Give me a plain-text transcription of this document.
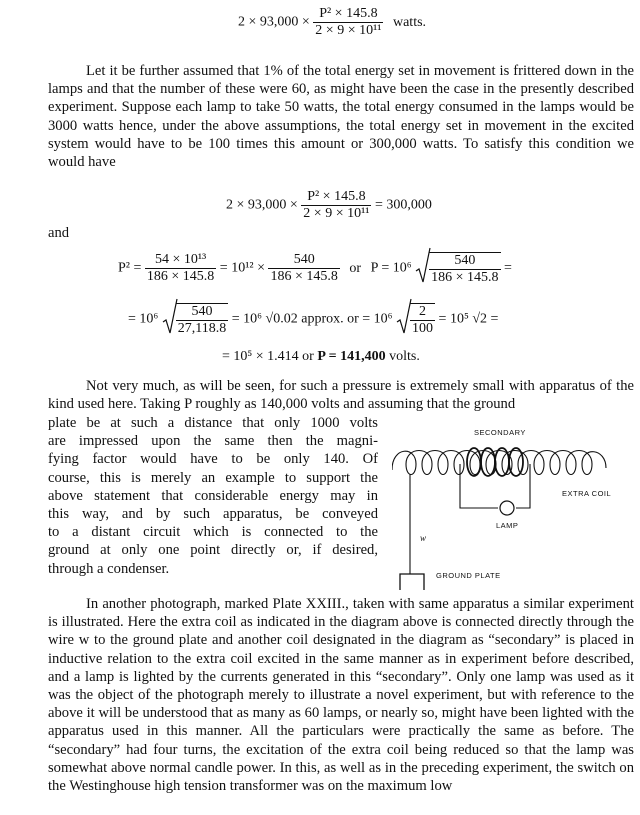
$2 \times 93,000 \times \frac{\text{P² × 145.8}}{\text{2 × 9 × 10¹¹}}$ watts.
Let it be further assumed that 1% of the total energy set in movement is frittered down in the lamps and that the number of these were 60, as might have been the case in the presently described experiment. Suppose each lamp to take 50 watts, the total energy consumed in the lamps would be 3000 watts hence, under the above assumptions, the total energy set in movement in the excited system would have to be 100 times this amount or 300,000 watts. To satisfy this condition we would have
$2 \times 93,000 \times \frac{\text{P² × 145.8}}{\text{2 × 9 × 10¹¹}} = 300,000$
and
$P^2 = \frac{\text{54 × 10¹³}}{186 \times 145.8} = 10^{12} \times \frac{540}{186 \times 145.8}$ or $P = 10^6 \frac{540}{186 \times 145.8}$ =
= $10^6 \frac{540}{27,118.8} = 10^6$ √0.02 approx. or = $10^6 \frac{2}{100} = 10^5$ √2 =
= 10⁵ × 1.414 or P = 141,400 volts.
Not very much, as will be seen, for such a pressure is extremely small with apparatus of the kind used here. Taking P roughly as 140,000 volts and assuming that the ground
plate be at such a distance that only 1000 volts
are impressed upon the same then the magni-
fying factor would have to be only 140. Of
course, this is merely an example to support the
above statement that considerable energy may in
this way, and by such apparatus, be conveyed
to a distant circuit which is connected to the
ground at only one point directly or, if desired,
through a condenser.
SECONDARY
LAMP
EXTRA COIL
w
GROUND PLATE
In another photograph, marked Plate XXIII., taken with same apparatus a similar experiment is illustrated. Here the extra coil as indicated in the diagram above is connected directly through the wire w to the ground plate and another coil designated in the diagram as “secondary” is placed in inductive relation to the extra coil excited in the same manner as in experiment before described, and a lamp is lighted by the currents generated in this “secondary”. Only one lamp was used as it was the object of the photograph merely to illustrate a novel experiment, but with reference to the above it will be understood that as many as 60 lamps, or nearly so, might have been lighted with the apparatus used in this manner. All the particulars were practically the same as before. The “secondary” had four turns, the excitation of the extra coil being reduced so that the lamp was somewhat above normal candle power. In this, as well as in the preceding experiment, the switch on the Westinghouse high tension transformer was on the maximum low
